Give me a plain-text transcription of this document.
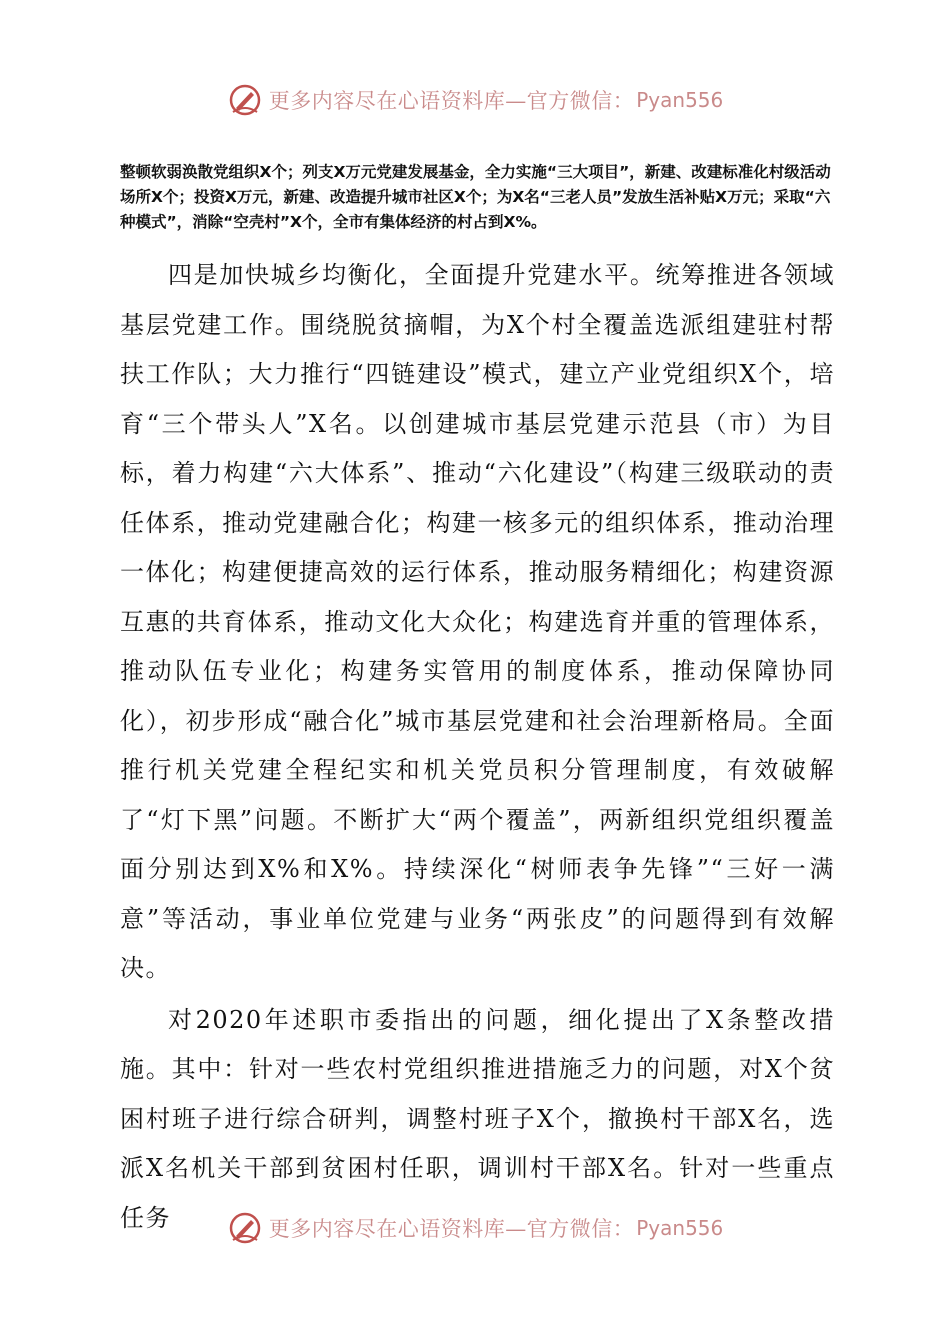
更多内容尽在心语资料库—官方微信： Pyan556

整顿软弱涣散党组织X个；列支X万元党建发展基金，全力实施“三大项目”，新建、改建标准化村级活动场所X个；投资X万元，新建、改造提升城市社区X个；为X名“三老人员”发放生活补贴X万元；采取“六种模式”，消除“空壳村”X个，全市有集体经济的村占到X%。

四是加快城乡均衡化，全面提升党建水平。统筹推进各领域基层党建工作。围绕脱贫摘帽，为X个村全覆盖选派组建驻村帮扶工作队；大力推行“四链建设”模式，建立产业党组织X个，培育“三个带头人”X名。以创建城市基层党建示范县（市）为目标，着力构建“六大体系”、推动“六化建设”（构建三级联动的责任体系，推动党建融合化；构建一核多元的组织体系，推动治理一体化；构建便捷高效的运行体系，推动服务精细化；构建资源互惠的共育体系，推动文化大众化；构建选育并重的管理体系，推动队伍专业化；构建务实管用的制度体系，推动保障协同化），初步形成“融合化”城市基层党建和社会治理新格局。全面推行机关党建全程纪实和机关党员积分管理制度，有效破解了“灯下黑”问题。不断扩大“两个覆盖”，两新组织党组织覆盖面分别达到X%和X%。持续深化“树师表争先锋”“三好一满意”等活动，事业单位党建与业务“两张皮”的问题得到有效解决。

对2020年述职市委指出的问题，细化提出了X条整改措施。其中：针对一些农村党组织推进措施乏力的问题，对X个贫困村班子进行综合研判，调整村班子X个，撤换村干部X名，选派X名机关干部到贫困村任职，调训村干部X名。针对一些重点任务	更多内容尽在心语资料库—官方微信： Pyan556
